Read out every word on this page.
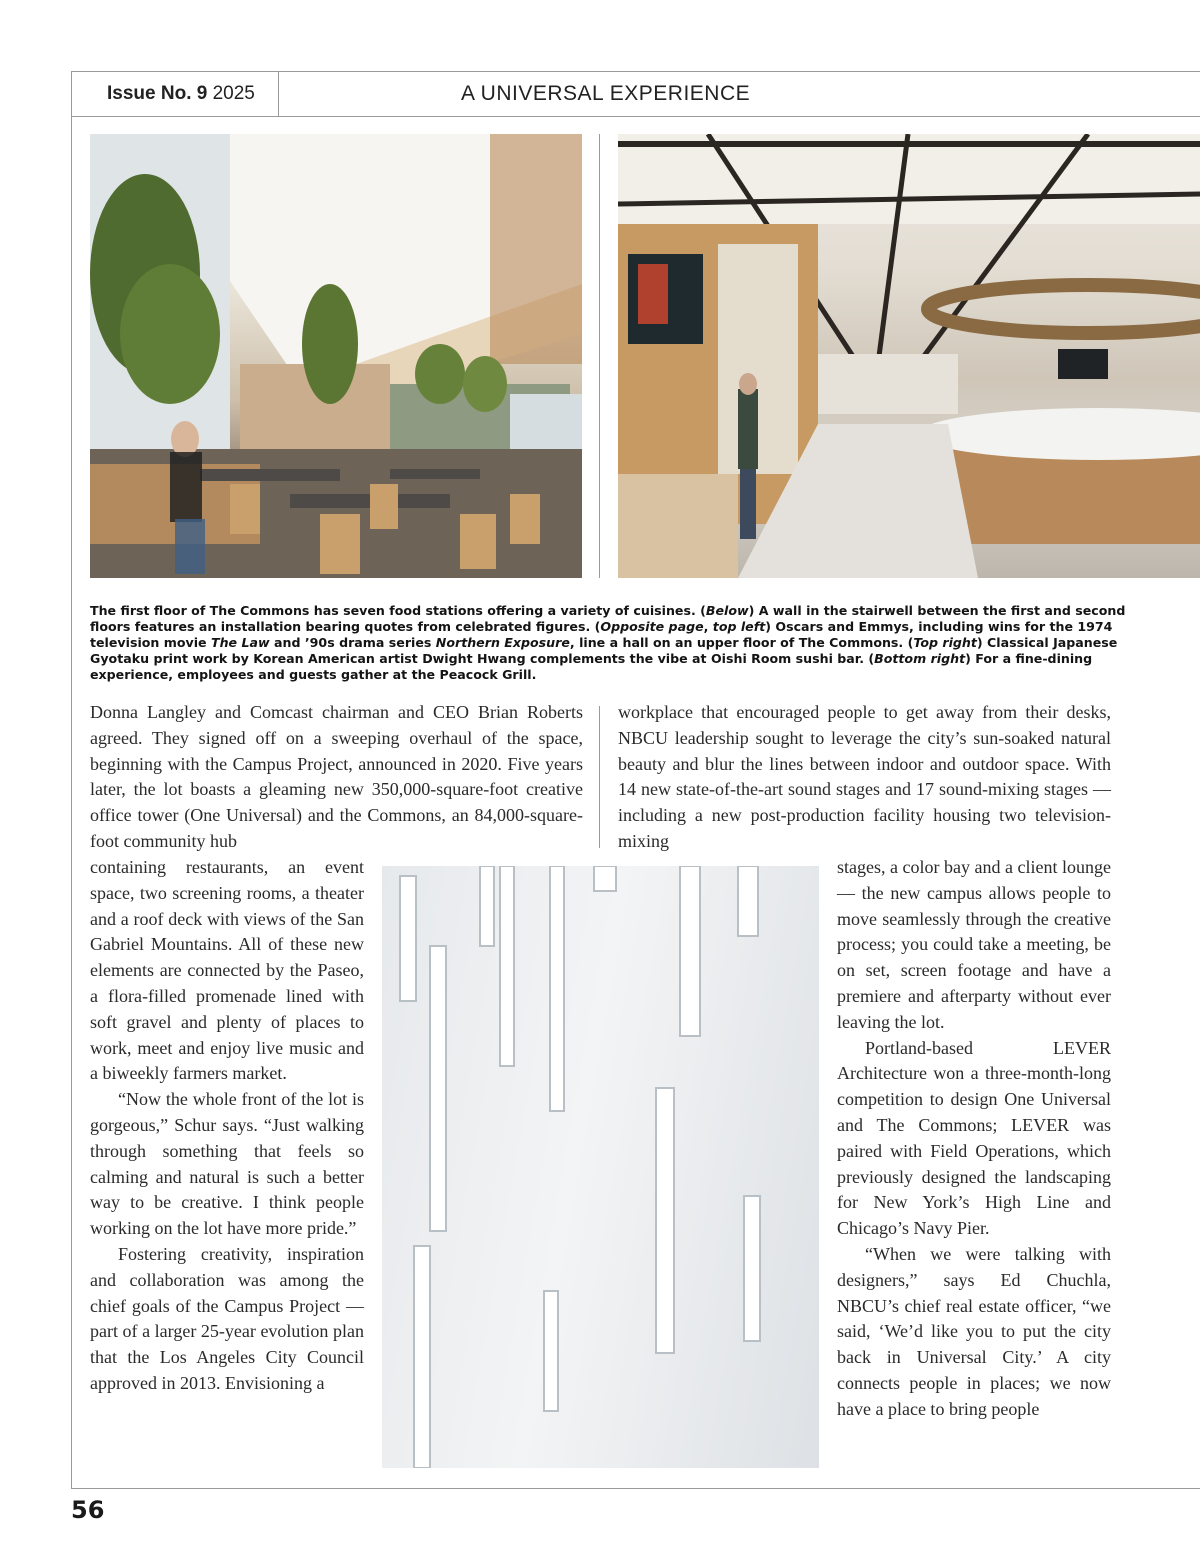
Issue No. 9 2025	A UNIVERSAL EXPERIENCE
The first floor of The Commons has seven food stations offering a variety of cuisines. (Below) A wall in the stairwell between the first and second floors features an installation bearing quotes from celebrated figures. (Opposite page, top left) Oscars and Emmys, including wins for the 1974 television movie The Law and ’90s drama series Northern Exposure, line a hall on an upper floor of The Commons. (Top right) Classical Japanese Gyotaku print work by Korean American artist Dwight Hwang complements the vibe at Oishi Room sushi bar. (Bottom right) For a fine-dining experience, employees and guests gather at the Peacock Grill.

Donna Langley and Comcast chairman and CEO Brian Roberts agreed. They signed off on a sweeping overhaul of the space, beginning with the Campus Project, announced in 2020. Five years later, the lot boasts a gleaming new 350,000-square-foot creative office tower (One Universal) and the Commons, an 84,000-square-foot community hub

workplace that encouraged people to get away from their desks, NBCU leadership sought to leverage the city’s sun-soaked natural beauty and blur the lines between indoor and outdoor space. With 14 new state-of-the-art sound stages and 17 sound-mixing stages — including a new post-production facility housing two television-mixing

containing restaurants, an event space, two screening rooms, a theater and a roof deck with views of the San Gabriel Mountains. All of these new elements are connected by the Paseo, a flora-filled promenade lined with soft gravel and plenty of places to work, meet and enjoy live music and a biweekly farmers market.

“Now the whole front of the lot is gorgeous,” Schur says. “Just walking through something that feels so calming and natural is such a better way to be creative. I think people working on the lot have more pride.”

Fostering creativity, inspiration and collaboration was among the chief goals of the Campus Project — part of a larger 25-year evolution plan that the Los Angeles City Council approved in 2013. Envisioning a

stages, a color bay and a client lounge — the new campus allows people to move seamlessly through the creative process; you could take a meeting, be on set, screen footage and have a premiere and afterparty without ever leaving the lot.

Portland-based LEVER Architecture won a three-month-long competition to design One Universal and The Commons; LEVER was paired with Field Operations, which previously designed the landscaping for New York’s High Line and Chicago’s Navy Pier.

“When we were talking with designers,” says Ed Chuchla, NBCU’s chief real estate officer, “we said, ‘We’d like you to put the city back in Universal City.’ A city connects people in places; we now have a place to bring people

56
